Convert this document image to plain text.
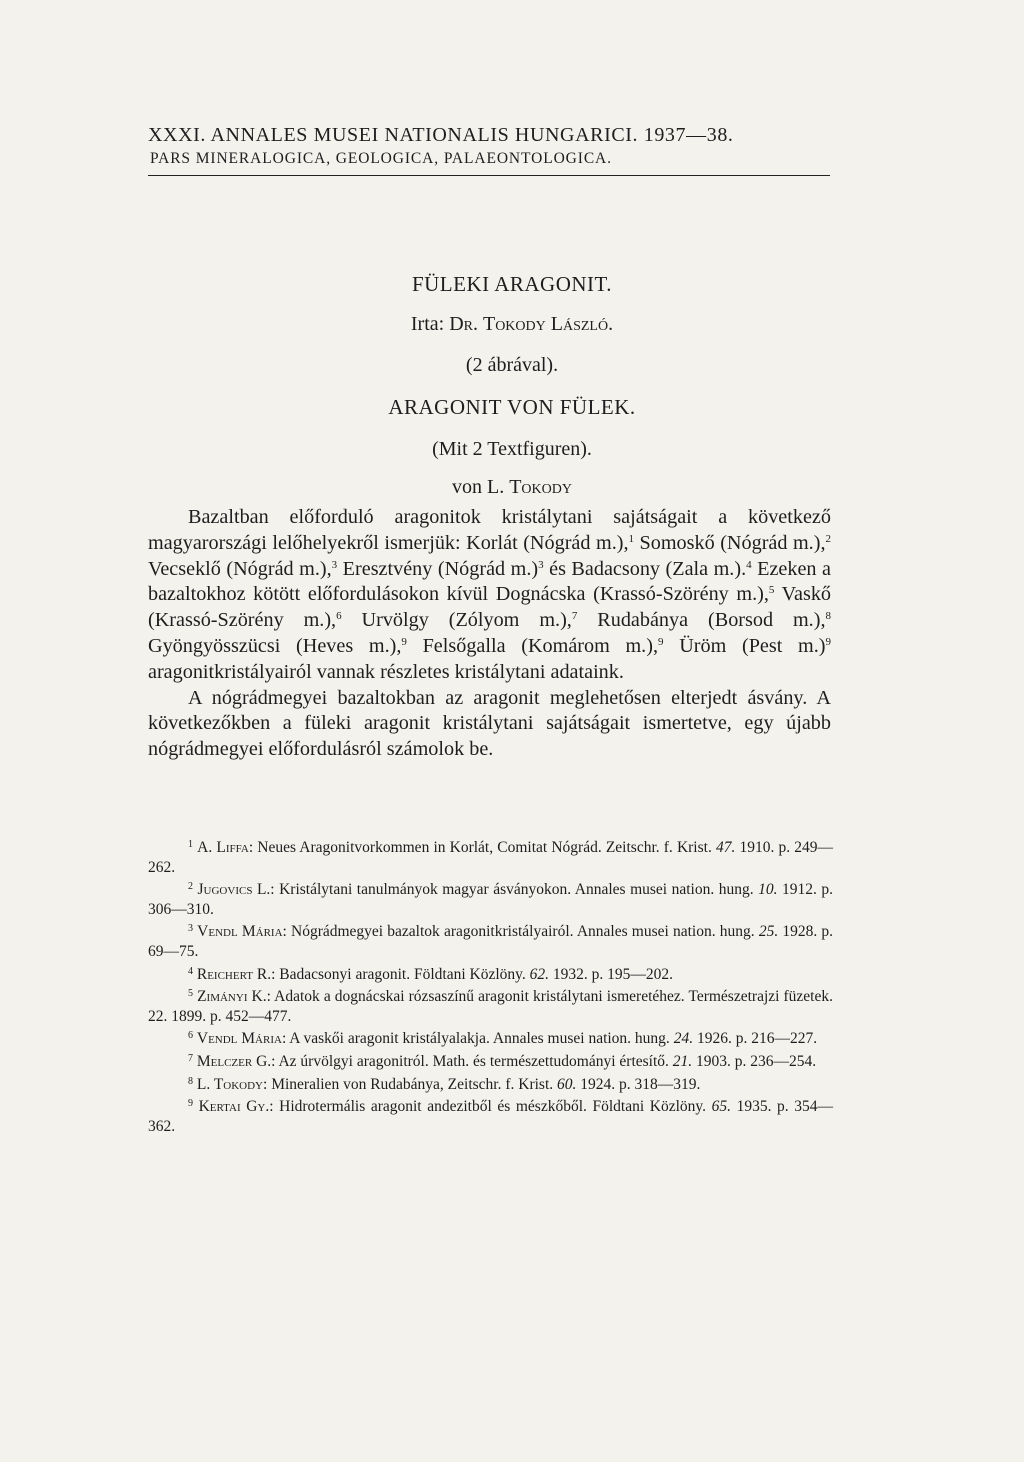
XXXI. ANNALES MUSEI NATIONALIS HUNGARICI. 1937—38.
PARS MINERALOGICA, GEOLOGICA, PALAEONTOLOGICA.
FÜLEKI ARAGONIT.
Irta: Dr. Tokody László.
(2 ábrával).
ARAGONIT VON FÜLEK.
(Mit 2 Textfiguren).
von L. Tokody

Bazaltban előforduló aragonitok kristálytani sajátságait a következő magyarországi lelőhelyekről ismerjük: Korlát (Nógrád m.),$^1$ Somoskő (Nógrád m.),$^2$ Vecseklő (Nógrád m.),$^3$ Eresztvény (Nógrád m.)$^3$ és Badacsony (Zala m.).$^4$ Ezeken a bazaltokhoz kötött előfordulásokon kívül Dognácska (Krassó-Szörény m.),$^5$ Vaskő (Krassó-Szörény m.),$^6$ Urvölgy (Zólyom m.),$^7$ Rudabánya (Borsod m.),$^8$ Gyöngyösszücsi (Heves m.),$^9$ Felsőgalla (Komárom m.),$^9$ Üröm (Pest m.)$^9$ aragonitkristályairól vannak részletes kristálytani adataink.

A nógrádmegyei bazaltokban az aragonit meglehetősen elterjedt ásvány. A következőkben a füleki aragonit kristálytani sajátságait ismertetve, egy újabb nógrádmegyei előfordulásról számolok be.

$^1$ A. Liffa: Neues Aragonitvorkommen in Korlát, Comitat Nógrád. Zeitschr. f. Krist. 47. 1910. p. 249—262.

$^2$ Jugovics L.: Kristálytani tanulmányok magyar ásványokon. Annales musei nation. hung. 10. 1912. p. 306—310.

$^3$ Vendl Mária: Nógrádmegyei bazaltok aragonitkristályairól. Annales musei nation. hung. 25. 1928. p. 69—75.

$^4$ Reichert R.: Badacsonyi aragonit. Földtani Közlöny. 62. 1932. p. 195—202.

$^5$ Zimányi K.: Adatok a dognácskai rózsaszínű aragonit kristálytani ismeretéhez. Természetrajzi füzetek. 22. 1899. p. 452—477.

$^6$ Vendl Mária: A vaskői aragonit kristályalakja. Annales musei nation. hung. 24. 1926. p. 216—227.

$^7$ Melczer G.: Az úrvölgyi aragonitról. Math. és természettudományi értesítő. 21. 1903. p. 236—254.

$^8$ L. Tokody: Mineralien von Rudabánya, Zeitschr. f. Krist. 60. 1924. p. 318—319.

$^9$ Kertai Gy.: Hidrotermális aragonit andezitből és mészkőből. Földtani Közlöny. 65. 1935. p. 354—362.
